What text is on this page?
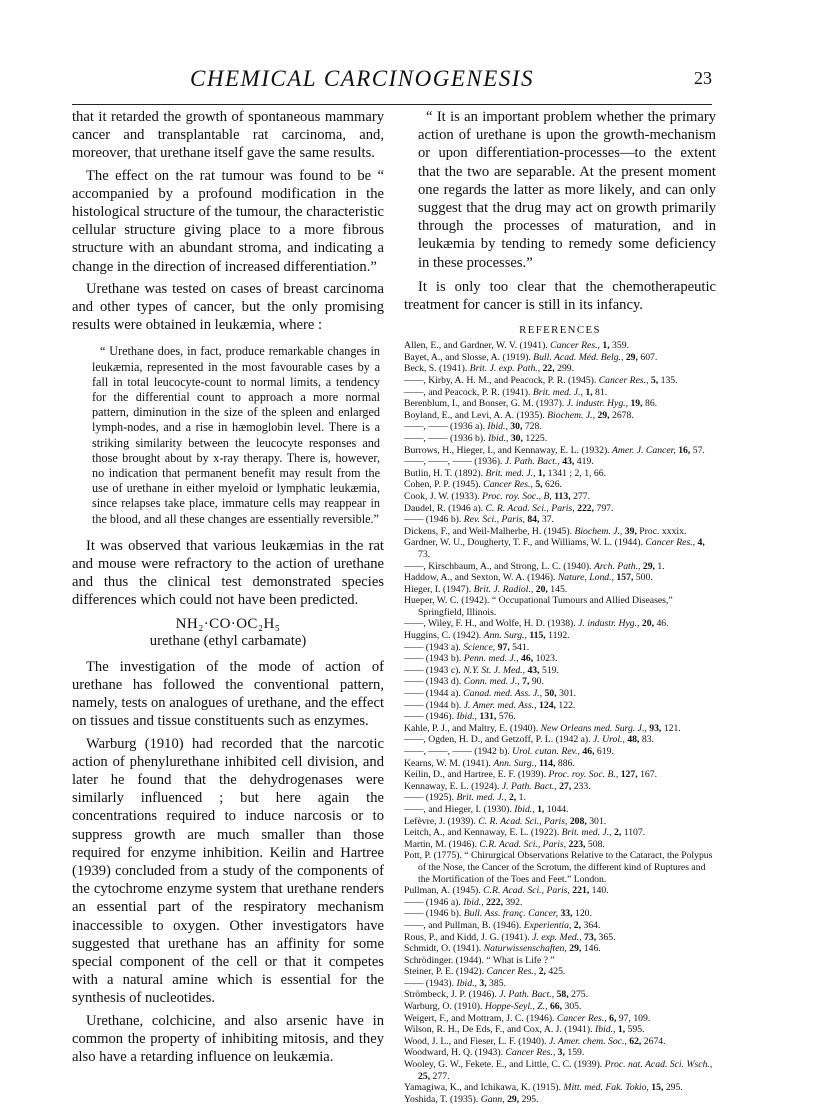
CHEMICAL CARCINOGENESIS	23

that it retarded the growth of spontaneous mammary cancer and transplantable rat carcinoma, and, moreover, that urethane itself gave the same results.

The effect on the rat tumour was found to be “ accompanied by a profound modification in the histological structure of the tumour, the characteristic cellular structure giving place to a more fibrous structure with an abundant stroma, and indicating a change in the direction of increased differentiation.”

Urethane was tested on cases of breast carcinoma and other types of cancer, but the only promising results were obtained in leukæmia, where :

“ Urethane does, in fact, produce remarkable changes in leukæmia, represented in the most favourable cases by a fall in total leucocyte-count to normal limits, a tendency for the differential count to approach a more normal pattern, diminution in the size of the spleen and enlarged lymph-nodes, and a rise in hæmoglobin level. There is a striking similarity between the leucocyte responses and those brought about by x-ray therapy. There is, however, no indication that permanent benefit may result from the use of urethane in either myeloid or lymphatic leukæmia, since relapses take place, immature cells may reappear in the blood, and all these changes are essentially reversible.”

It was observed that various leukæmias in the rat and mouse were refractory to the action of urethane and thus the clinical test demonstrated species differences which could not have been predicted.

NH₂·CO·OC₂H₅
urethane (ethyl carbamate)

The investigation of the mode of action of urethane has followed the conventional pattern, namely, tests on analogues of urethane, and the effect on tissues and tissue constituents such as enzymes.

Warburg (1910) had recorded that the narcotic action of phenylurethane inhibited cell division, and later he found that the dehydrogenases were similarly influenced ; but here again the concentrations required to induce narcosis or to suppress growth are much smaller than those required for enzyme inhibition. Keilin and Hartree (1939) concluded from a study of the components of the cytochrome enzyme system that urethane renders an essential part of the respiratory mechanism inaccessible to oxygen. Other investigators have suggested that urethane has an affinity for some special component of the cell or that it competes with a natural amine which is essential for the synthesis of nucleotides.

Urethane, colchicine, and also arsenic have in common the property of inhibiting mitosis, and they also have a retarding influence on leukæmia.

“ It is an important problem whether the primary action of urethane is upon the growth-mechanism or upon differentiation-processes—to the extent that the two are separable. At the present moment one regards the latter as more likely, and can only suggest that the drug may act on growth primarily through the processes of maturation, and in leukæmia by tending to remedy some deficiency in these processes.”

It is only too clear that the chemotherapeutic treatment for cancer is still in its infancy.

REFERENCES
Allen, E., and Gardner, W. V. (1941). Cancer Res., 1, 359.
Bayet, A., and Slosse, A. (1919). Bull. Acad. Méd. Belg., 29, 607.
Beck, S. (1941). Brit. J. exp. Path., 22, 299.
——, Kirby, A. H. M., and Peacock, P. R. (1945). Cancer Res., 5, 135.
——, and Peacock, P. R. (1941). Brit. med. J., 1, 81.
Berenblum, I., and Bonser, G. M. (1937). J. industr. Hyg., 19, 86.
Boyland, E., and Levi, A. A. (1935). Biochem. J., 29, 2678.
——, —— (1936 a). Ibid., 30, 728.
——, —— (1936 b). Ibid., 30, 1225.
Burrows, H., Hieger, I., and Kennaway, E. L. (1932). Amer. J. Cancer, 16, 57.
——, ——, —— (1936). J. Path. Bact., 43, 419.
Butlin, H. T. (1892). Brit. med. J., 1, 1341 ; 2, 1, 66.
Cohen, P. P. (1945). Cancer Res., 5, 626.
Cook, J. W. (1933). Proc. roy. Soc., B, 113, 277.
Daudel, R. (1946 a). C. R. Acad. Sci., Paris, 222, 797.
—— (1946 b). Rev. Sci., Paris, 84, 37.
Dickens, F., and Weil-Malherbe, H. (1945). Biochem. J., 39, Proc. xxxix.
Gardner, W. U., Dougherty, T. F., and Williams, W. L. (1944). Cancer Res., 4, 73.
——, Kirschbaum, A., and Strong, L. C. (1940). Arch. Path., 29, 1.
Haddow, A., and Sexton, W. A. (1946). Nature, Lond., 157, 500.
Hieger, I. (1947). Brit. J. Radiol., 20, 145.
Hueper, W. C. (1942). “ Occupational Tumours and Allied Diseases,” Springfield, Illinois.
——, Wiley, F. H., and Wolfe, H. D. (1938). J. industr. Hyg., 20, 46.
Huggins, C. (1942). Ann. Surg., 115, 1192.
—— (1943 a). Science, 97, 541.
—— (1943 b). Penn. med. J., 46, 1023.
—— (1943 c). N.Y. St. J. Med., 43, 519.
—— (1943 d). Conn. med. J., 7, 90.
—— (1944 a). Canad. med. Ass. J., 50, 301.
—— (1944 b). J. Amer. med. Ass., 124, 122.
—— (1946). Ibid., 131, 576.
Kahle, P. J., and Maltry, E. (1940). New Orleans med. Surg. J., 93, 121.
——, Ogden, H. D., and Getzoff, P. L. (1942 a). J. Urol., 48, 83.
——, ——, —— (1942 b). Urol. cutan. Rev., 46, 619.
Kearns, W. M. (1941). Ann. Surg., 114, 886.
Keilin, D., and Hartree, E. F. (1939). Proc. roy. Soc. B., 127, 167.
Kennaway, E. L. (1924). J. Path. Bact., 27, 233.
—— (1925). Brit. med. J., 2, 1.
——, and Hieger, I. (1930). Ibid., 1, 1044.
Lefèvre, J. (1939). C. R. Acad. Sci., Paris, 208, 301.
Leitch, A., and Kennaway, E. L. (1922). Brit. med. J., 2, 1107.
Martin, M. (1946). C.R. Acad. Sci., Paris, 223, 508.
Pott, P. (1775). “ Chirurgical Observations Relative to the Cataract, the Polypus of the Nose, the Cancer of the Scrotum, the different kind of Ruptures and the Mortification of the Toes and Feet.” London.
Pullman, A. (1945). C.R. Acad. Sci., Paris, 221, 140.
—— (1946 a). Ibid., 222, 392.
—— (1946 b). Bull. Ass. franç. Cancer, 33, 120.
——, and Pullman, B. (1946). Experientia, 2, 364.
Rous, P., and Kidd, J. G. (1941). J. exp. Med., 73, 365.
Schmidt, O. (1941). Naturwissenschaften, 29, 146.
Schrödinger. (1944). “ What is Life ? ”
Steiner, P. E. (1942). Cancer Res., 2, 425.
—— (1943). Ibid., 3, 385.
Strömbeck, J. P. (1946). J. Path. Bact., 58, 275.
Warburg, O. (1910). Hoppe-Seyl., Z., 66, 305.
Weigert, F., and Mottram, J. C. (1946). Cancer Res., 6, 97, 109.
Wilson, R. H., De Eds, F., and Cox, A. J. (1941). Ibid., 1, 595.
Wood, J. L., and Fieser, L. F. (1940). J. Amer. chem. Soc., 62, 2674.
Woodward, H. Q. (1943). Cancer Res., 3, 159.
Wooley, G. W., Fekete. E., and Little, C. C. (1939). Proc. nat. Acad. Sci. Wsch., 25, 277.
Yamagiwa, K., and Ichikawa, K. (1915). Mitt. med. Fak. Tokio, 15, 295.
Yoshida, T. (1935). Gann, 29, 295.
